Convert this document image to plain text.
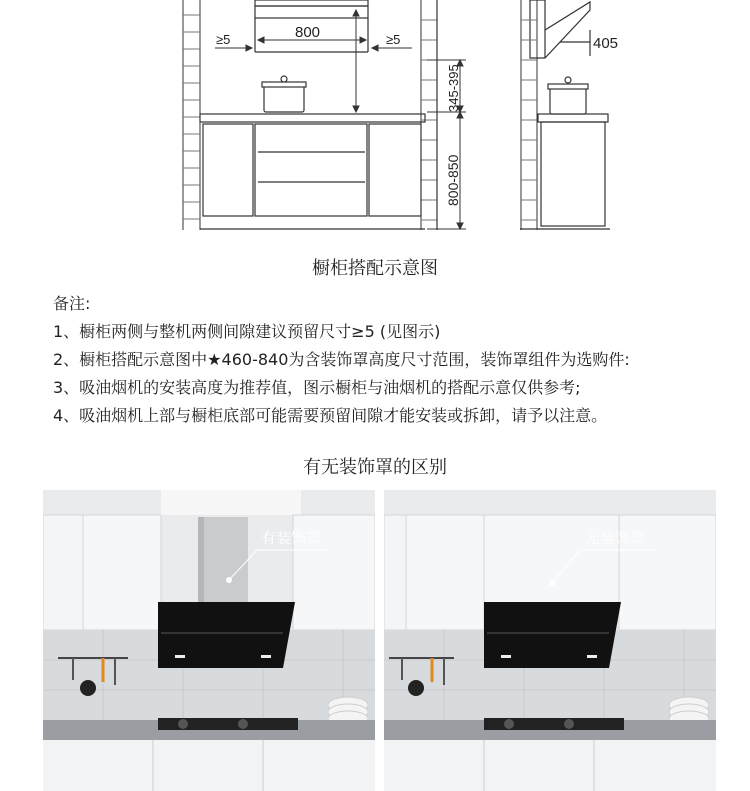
800
≥5	≥5
345-395
800-850
405
橱柜搭配示意图
备注:
1、橱柜两侧与整机两侧间隙建议预留尺寸≥5 (见图示)
2、橱柜搭配示意图中★460-840为含装饰罩高度尺寸范围，装饰罩组件为选购件:
3、吸油烟机的安装高度为推荐值，图示橱柜与油烟机的搭配示意仅供参考;
4、吸油烟机上部与橱柜底部可能需要预留间隙才能安装或拆卸，请予以注意。
有无装饰罩的区别
有装饰罩	无装饰罩
